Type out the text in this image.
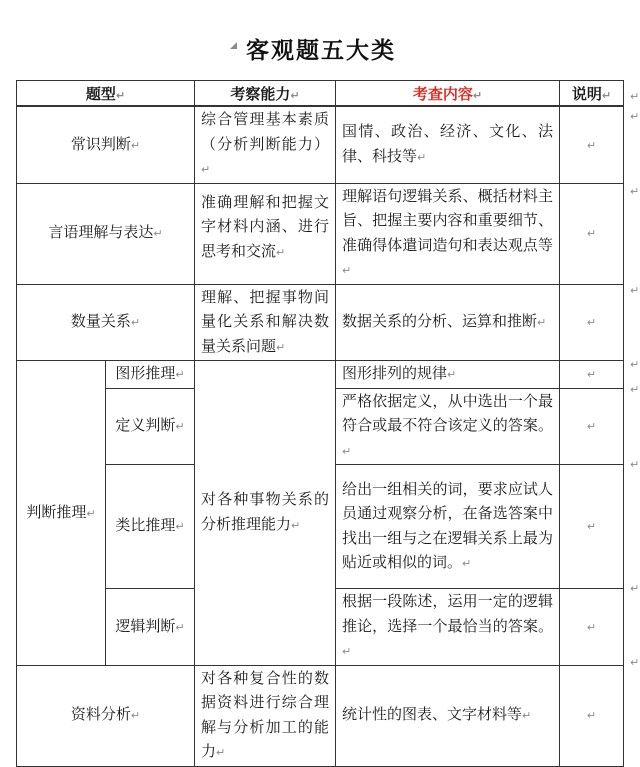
客观题五大类
题型↵		考察能力↵	考查内容↵	说明↵
常识判断↵		综合管理基本素质（分析判断能力）↵	国情、政治、经济、文化、法律、科技等↵	↵
言语理解与表达↵		准确理解和把握文字材料内涵、进行思考和交流↵	理解语句逻辑关系、概括材料主旨、把握主要内容和重要细节、准确得体遣词造句和表达观点等↵	↵
数量关系↵		理解、把握事物间量化关系和解决数量关系问题↵	数据关系的分析、运算和推断↵	↵
判断推理↵	图形推理↵	对各种事物关系的分析推理能力↵	图形排列的规律↵	↵
	定义判断↵		严格依据定义，从中选出一个最符合或最不符合该定义的答案。↵	↵
	类比推理↵		给出一组相关的词，要求应试人员通过观察分析，在备选答案中找出一组与之在逻辑关系上最为贴近或相似的词。↵	↵
	逻辑判断↵		根据一段陈述，运用一定的逻辑推论，选择一个最恰当的答案。↵	↵
资料分析↵		对各种复合性的数据资料进行综合理解与分析加工的能力↵	统计性的图表、文字材料等↵	↵
↵
↵
↵
↵
↵
↵
↵
↵
↵
